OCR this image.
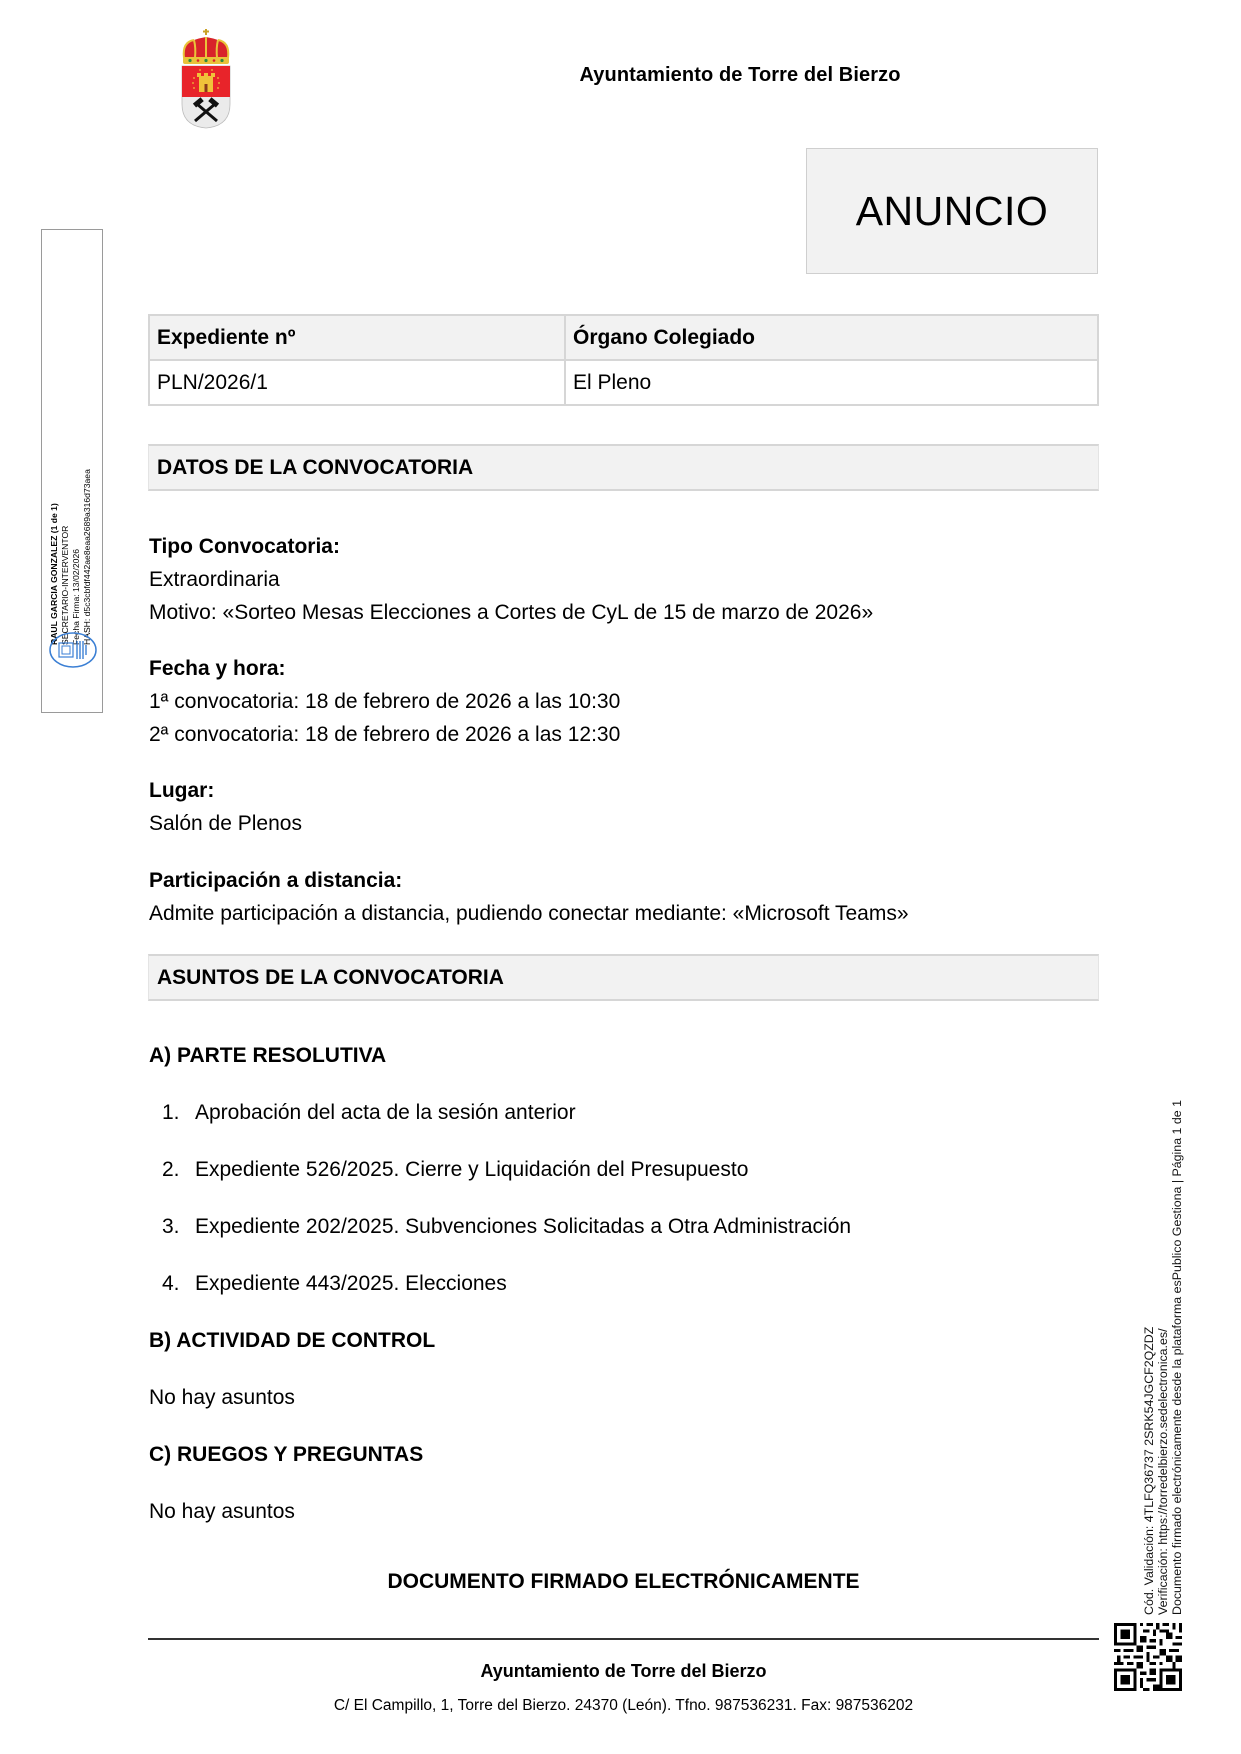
Ayuntamiento de Torre del Bierzo
ANUNCIO
Expediente nº	Órgano Colegiado
PLN/2026/1	El Pleno
DATOS DE LA CONVOCATORIA
Tipo Convocatoria:
Extraordinaria
Motivo: «Sorteo Mesas Elecciones a Cortes de CyL de 15 de marzo de 2026»
Fecha y hora:
1ª convocatoria: 18 de febrero de 2026 a las 10:30
2ª convocatoria: 18 de febrero de 2026 a las 12:30
Lugar:
Salón de Plenos
Participación a distancia:
Admite participación a distancia, pudiendo conectar mediante: «Microsoft Teams»
ASUNTOS DE LA CONVOCATORIA
A) PARTE RESOLUTIVA
1. Aprobación del acta de la sesión anterior
2. Expediente 526/2025. Cierre y Liquidación del Presupuesto
3. Expediente 202/2025. Subvenciones Solicitadas a Otra Administración
4. Expediente 443/2025. Elecciones
B) ACTIVIDAD DE CONTROL
No hay asuntos
C) RUEGOS Y PREGUNTAS
No hay asuntos
DOCUMENTO FIRMADO ELECTRÓNICAMENTE
Ayuntamiento de Torre del Bierzo
C/ El Campillo, 1, Torre del Bierzo. 24370 (León). Tfno. 987536231. Fax: 987536202
RAUL GARCIA GONZALEZ (1 de 1) SECRETARIO-INTERVENTOR Fecha Firma: 13/02/2026 HASH: d5c3cbfdf442ae8eaa2689a316d73aea
Cód. Validación: 4TLFQ36737 2SRK54JGCF2QZDZ Verificación: https://torredelbierzo.sedelectronica.es/ Documento firmado electrónicamente desde la plataforma esPublico Gestiona | Página 1 de 1
